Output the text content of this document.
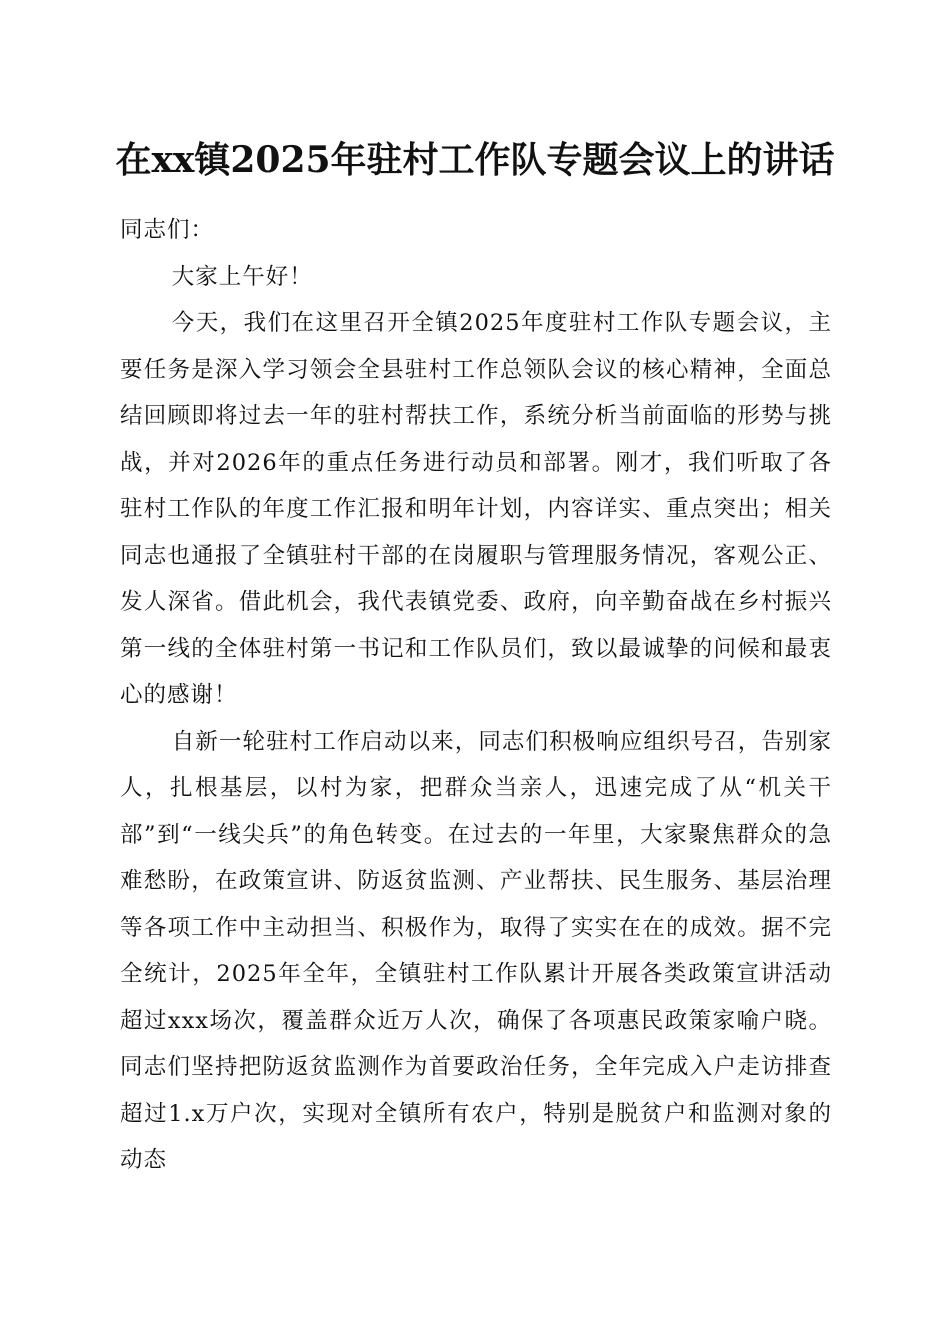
在xx镇2025年驻村工作队专题会议上的讲话

同志们：

大家上午好！

今天，我们在这里召开全镇2025年度驻村工作队专题会议，主要任务是深入学习领会全县驻村工作总领队会议的核心精神，全面总结回顾即将过去一年的驻村帮扶工作，系统分析当前面临的形势与挑战，并对2026年的重点任务进行动员和部署。刚才，我们听取了各驻村工作队的年度工作汇报和明年计划，内容详实、重点突出；相关同志也通报了全镇驻村干部的在岗履职与管理服务情况，客观公正、发人深省。借此机会，我代表镇党委、政府，向辛勤奋战在乡村振兴第一线的全体驻村第一书记和工作队员们，致以最诚挚的问候和最衷心的感谢！

自新一轮驻村工作启动以来，同志们积极响应组织号召，告别家人，扎根基层，以村为家，把群众当亲人，迅速完成了从“机关干部”到“一线尖兵”的角色转变。在过去的一年里，大家聚焦群众的急难愁盼，在政策宣讲、防返贫监测、产业帮扶、民生服务、基层治理等各项工作中主动担当、积极作为，取得了实实在在的成效。据不完全统计，2025年全年，全镇驻村工作队累计开展各类政策宣讲活动超过xxx场次，覆盖群众近万人次，确保了各项惠民政策家喻户晓。同志们坚持把防返贫监测作为首要政治任务，全年完成入户走访排查超过1.x万户次，实现对全镇所有农户，特别是脱贫户和监测对象的动态
